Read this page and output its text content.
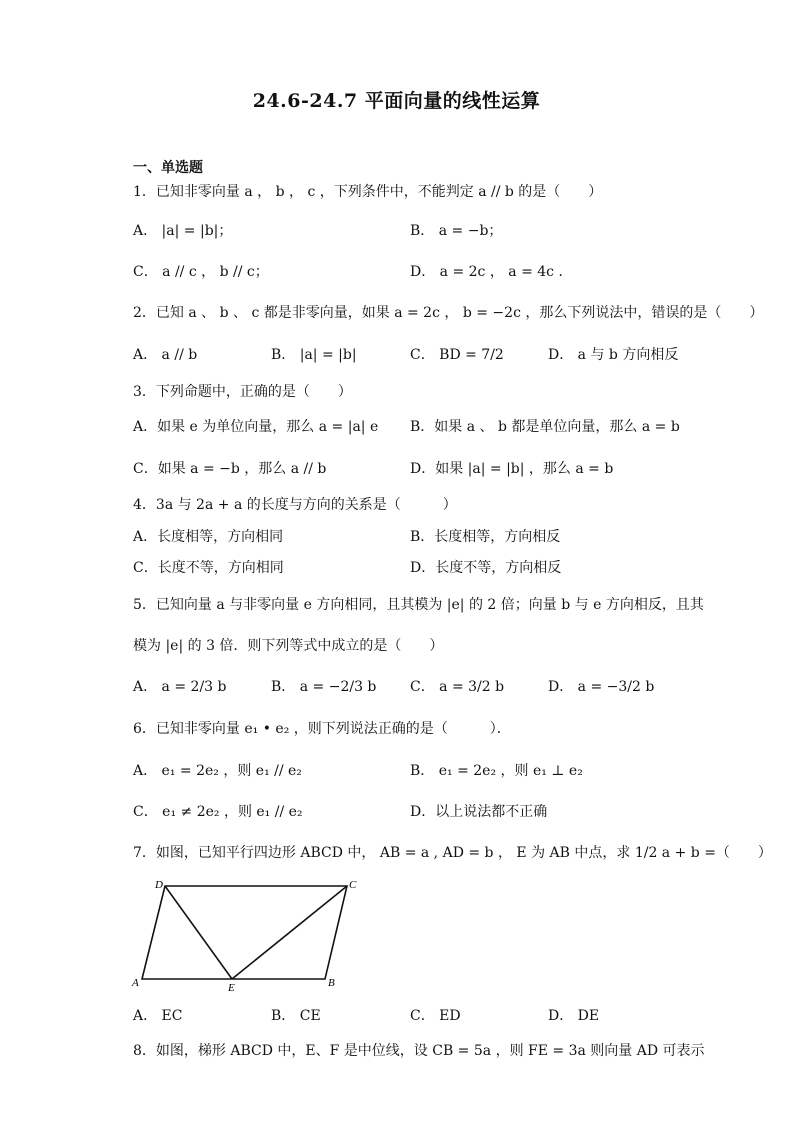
24.6-24.7 平面向量的线性运算
一、单选题
1．已知非零向量 a ， b ， c ，下列条件中，不能判定 a // b 的是（　　）
A． |a| = |b|；	B． a = −b；
C． a // c ， b // c；	D． a = 2c ， a = 4c ．
2．已知 a 、 b 、 c 都是非零向量，如果 a = 2c ， b = −2c ，那么下列说法中，错误的是（　　）
A． a // b	B． |a| = |b|	C． BD = 7/2	D． a 与 b 方向相反
3．下列命题中，正确的是（　　）
A．如果 e 为单位向量，那么 a = |a| e B．如果 a 、 b 都是单位向量，那么 a = b
C．如果 a = −b ，那么 a // b	D．如果 |a| = |b| ，那么 a = b
4．3a 与 2a + a 的长度与方向的关系是（　　　）
A．长度相等，方向相同	B．长度相等，方向相反
C．长度不等，方向相同	D．长度不等，方向相反
5．已知向量 a 与非零向量 e 方向相同，且其模为 |e| 的 2 倍；向量 b 与 e 方向相反，且其
模为 |e| 的 3 倍．则下列等式中成立的是（　　）
A． a = 2/3 b	B． a = −2/3 b C． a = 3/2 b	D． a = −3/2 b
6．已知非零向量 e₁ • e₂ ，则下列说法正确的是（　　　）．
A． e₁ = 2e₂ ，则 e₁ // e₂	B． e₁ = 2e₂ ，则 e₁ ⊥ e₂
C． e₁ ≠ 2e₂ ，则 e₁ // e₂	D．以上说法都不正确
7．如图，已知平行四边形 ABCD 中， AB = a , AD = b ， E 为 AB 中点，求 1/2 a + b =（　　）
D	C
A	E	B
A． EC	B． CE	C． ED	D． DE
8．如图，梯形 ABCD 中，E、F 是中位线，设 CB = 5a ，则 FE = 3a 则向量 AD 可表示
